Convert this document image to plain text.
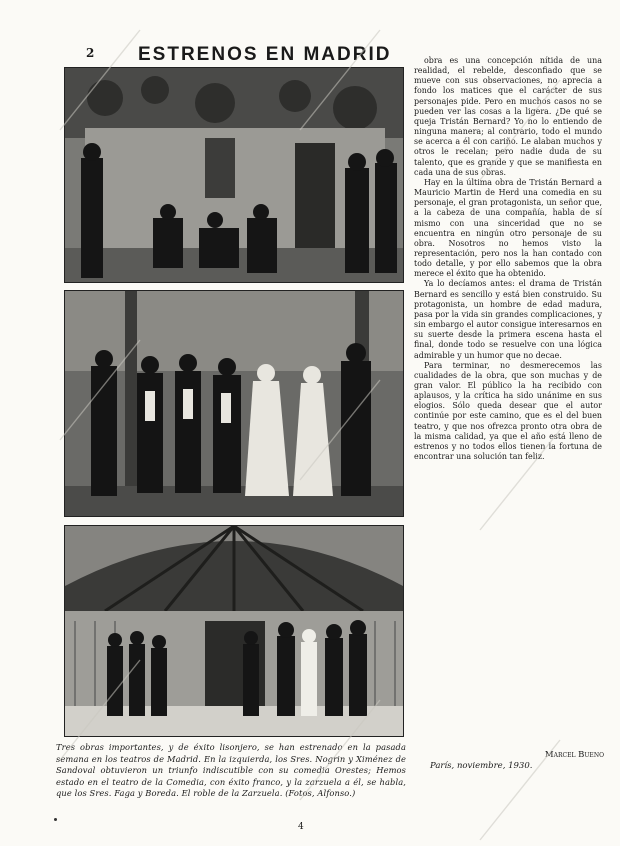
2 ESTRENOS EN MADRID
Tres obras importantes, y de éxito lisonjero, se han estrenado en la pasada semana en los teatros de Madrid. En la izquierda, los Sres. Nogrin y Ximénez de Sandoval obtuvieron un triunfo indiscutible con su comedia Orestes; Hemos estado en el teatro de la Comedia, con éxito franco, y la zarzuela a él, se habla, que los Sres. Faga y Boreda. El roble de la Zarzuela. (Fotos, Alfonso.)

obra es una concepción nítida de una realidad, el rebelde, desconfiado que se mueve con sus observaciones, no aprecia a fondo los matices que el carácter de sus personajes pide. Pero en muchos casos no se pueden ver las cosas a la ligera. ¿De qué se queja Tristán Bernard? Yo no lo entiendo de ninguna manera; al contrario, todo el mundo se acerca a él con cariño. Le alaban muchos y otros le recelan; pero nadie duda de su talento, que es grande y que se manifiesta en cada una de sus obras.

Hay en la última obra de Tristán Bernard a Mauricio Martin de Herd una comedia en su personaje, el gran protagonista, un señor que, a la cabeza de una compañía, habla de sí mismo con una sinceridad que no se encuentra en ningún otro personaje de su obra. Nosotros no hemos visto la representación, pero nos la han contado con todo detalle, y por ello sabemos que la obra merece el éxito que ha obtenido.

Ya lo decíamos antes: el drama de Tristán Bernard es sencillo y está bien construido. Su protagonista, un hombre de edad madura, pasa por la vida sin grandes complicaciones, y sin embargo el autor consigue interesarnos en su suerte desde la primera escena hasta el final, donde todo se resuelve con una lógica admirable y un humor que no decae.

Para terminar, no desmerecemos las cualidades de la obra, que son muchas y de gran valor. El público la ha recibido con aplausos, y la crítica ha sido unánime en sus elogios. Sólo queda desear que el autor continúe por este camino, que es el del buen teatro, y que nos ofrezca pronto otra obra de la misma calidad, ya que el año está lleno de estrenos y no todos ellos tienen la fortuna de encontrar una solución tan feliz.

Marcel Bueno
París, noviembre, 1930.
4
